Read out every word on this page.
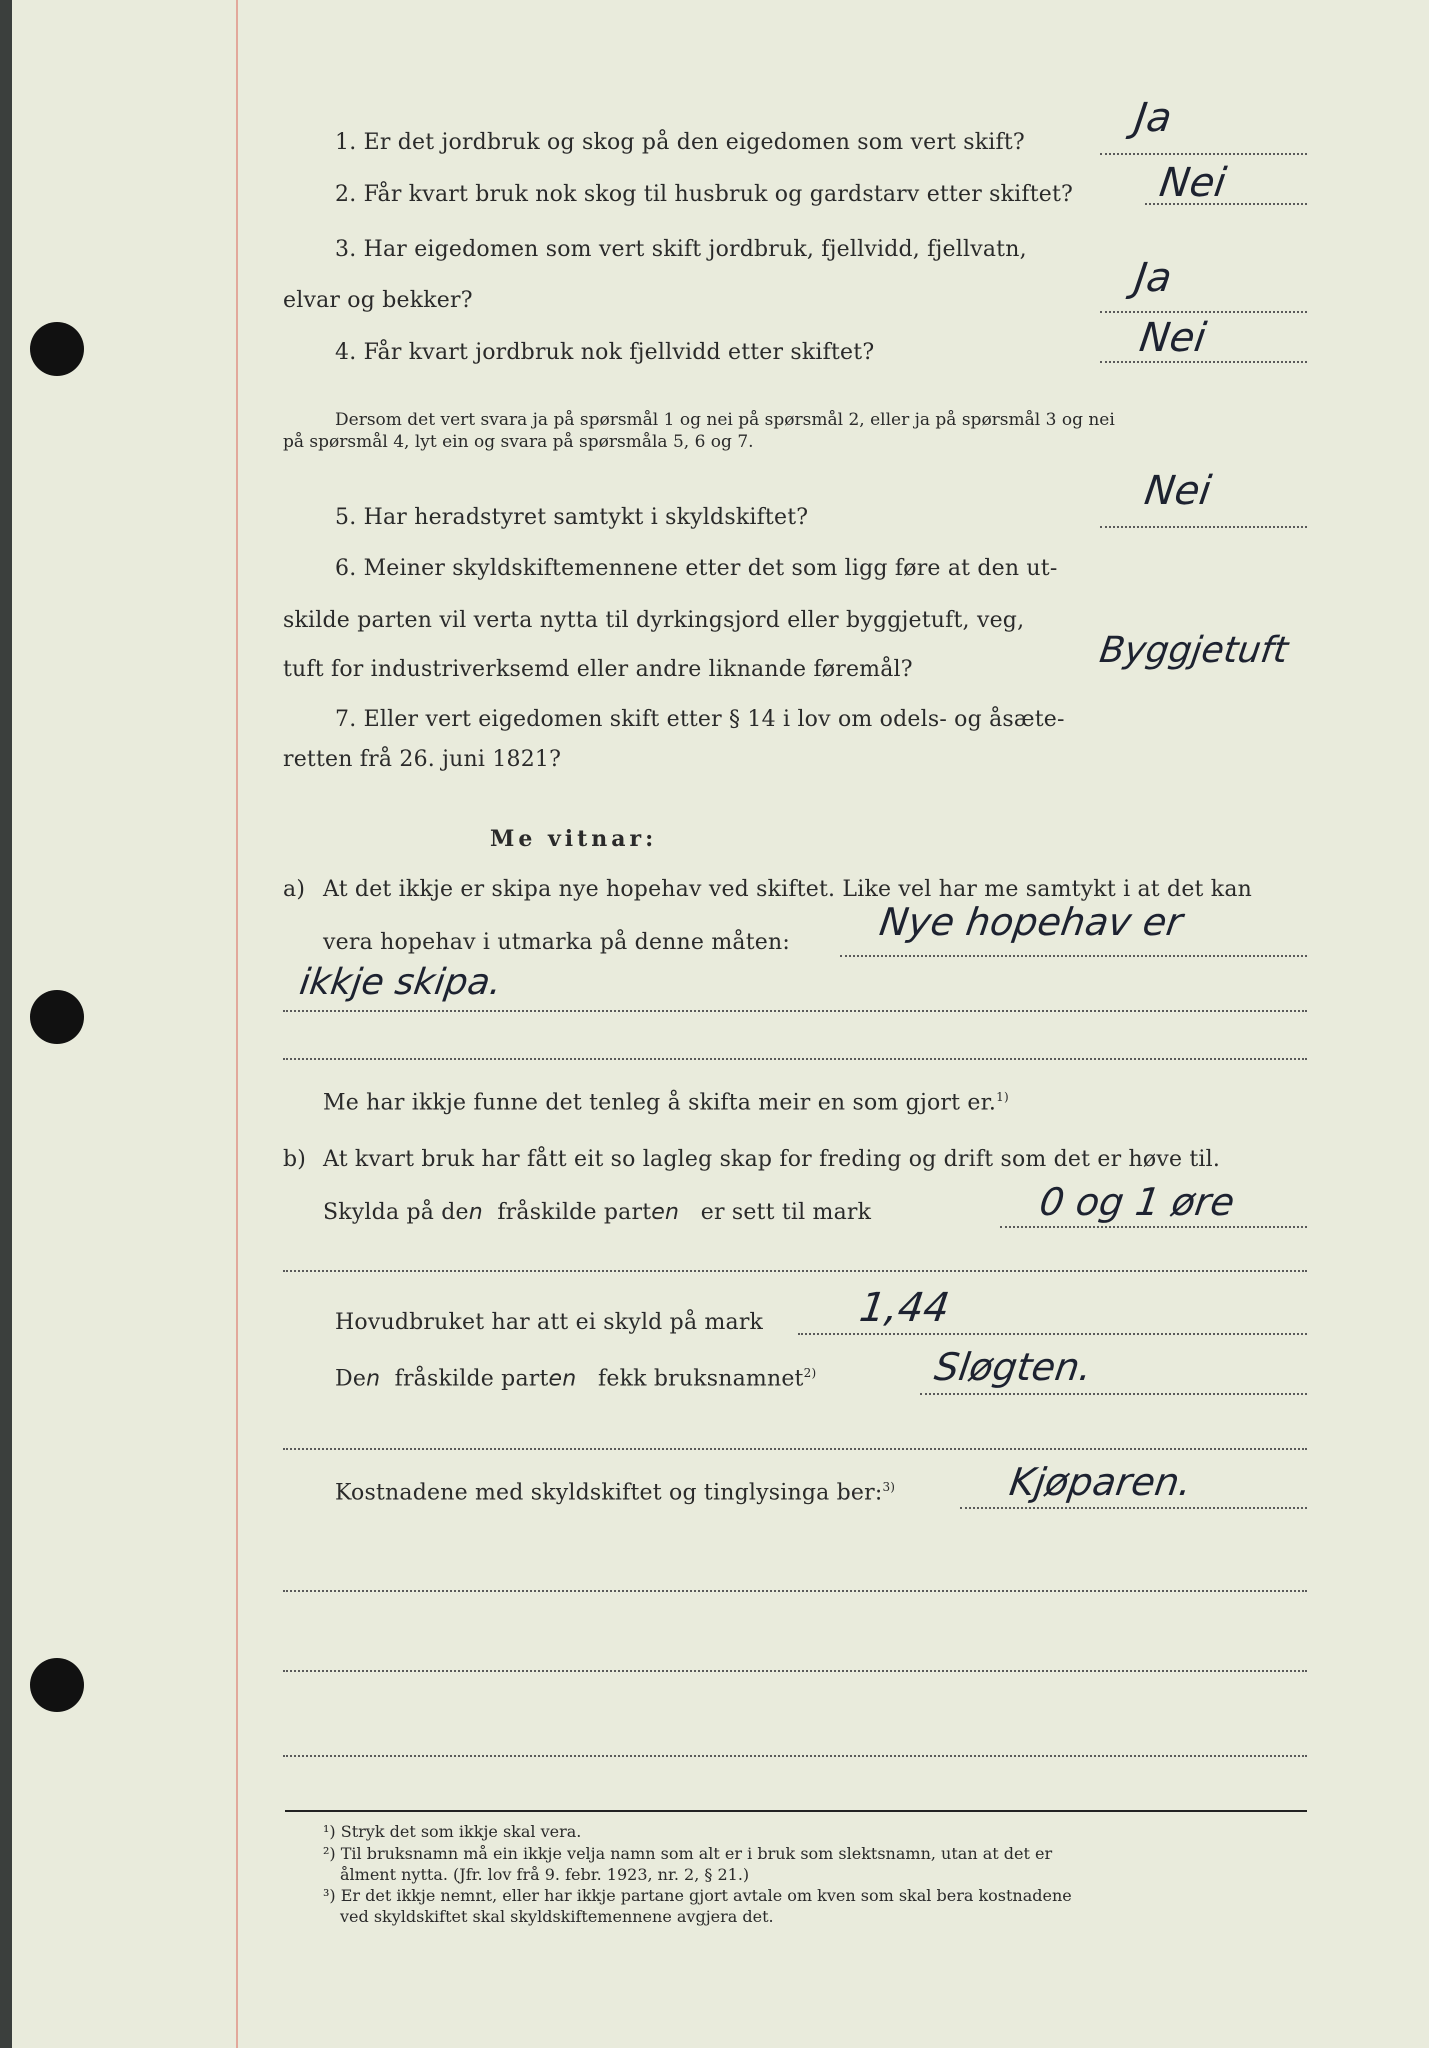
1. Er det jordbruk og skog på den eigedomen som vert skift?
Ja
2. Får kvart bruk nok skog til husbruk og gardstarv etter skiftet? Nei
3. Har eigedomen som vert skift jordbruk, fjellvidd, fjellvatn,
elvar og bekker?	Ja
4. Får kvart jordbruk nok fjellvidd etter skiftet?	Nei
Dersom det vert svara ja på spørsmål 1 og nei på spørsmål 2, eller ja på spørsmål 3 og nei
på spørsmål 4, lyt ein og svara på spørsmåla 5, 6 og 7.
5. Har heradstyret samtykt i skyldskiftet?
Nei
6. Meiner skyldskiftemennene etter det som ligg føre at den ut-
skilde parten vil verta nytta til dyrkingsjord eller byggjetuft, veg,
tuft for industriverksemd eller andre liknande føremål?	Byggjetuft
7. Eller vert eigedomen skift etter § 14 i lov om odels- og åsæte-
retten frå 26. juni 1821?
Me vitnar:
a) At det ikkje er skipa nye hopehav ved skiftet. Like vel har me samtykt i at det kan
vera hopehav i utmarka på denne måten: Nye hopehav er
ikkje skipa.
Me har ikkje funne det tenleg å skifta meir en som gjort er.$^{1)}$
b) At kvart bruk har fått eit so lagleg skap for freding og drift som det er høve til.
Skylda på den fråskilde parten er sett til mark	0 og 1 øre
Hovudbruket har att ei skyld på mark 1,44
Den fråskilde parten fekk bruksnamnet$^{2)}$	Sløgten.
Kostnadene med skyldskiftet og tinglysinga ber:$^{3)}$	Kjøparen.
¹) Stryk det som ikkje skal vera.
²) Til bruksnamn må ein ikkje velja namn som alt er i bruk som slektsnamn, utan at det er
ålment nytta. (Jfr. lov frå 9. febr. 1923, nr. 2, § 21.)
³) Er det ikkje nemnt, eller har ikkje partane gjort avtale om kven som skal bera kostnadene
ved skyldskiftet skal skyldskiftemennene avgjera det.
